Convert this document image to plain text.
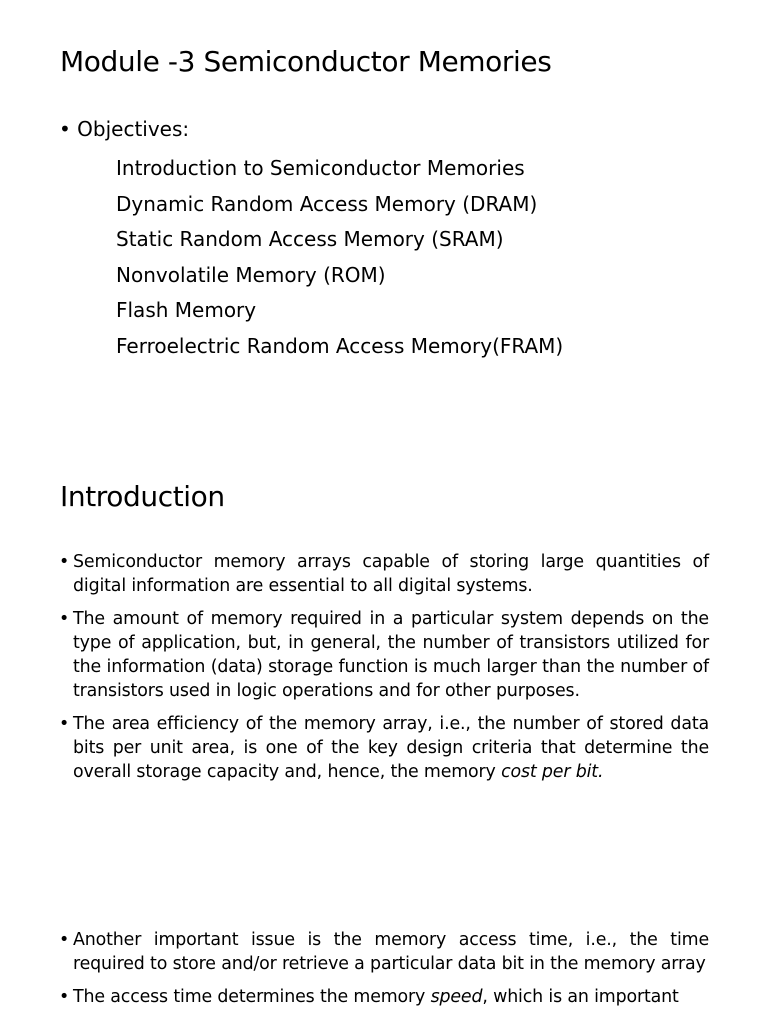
Module -3 Semiconductor Memories
• Objectives:
Introduction to Semiconductor Memories
Dynamic Random Access Memory (DRAM)
Static Random Access Memory (SRAM)
Nonvolatile Memory (ROM)
Flash Memory
Ferroelectric Random Access Memory(FRAM)
Introduction
• Semiconductor memory arrays capable of storing large quantities of digital information are essential to all digital systems.
• The amount of memory required in a particular system depends on the type of application, but, in general, the number of transistors utilized for the information (data) storage function is much larger than the number of transistors used in logic operations and for other purposes.
• The area efficiency of the memory array, i.e., the number of stored data bits per unit area, is one of the key design criteria that determine the overall storage capacity and, hence, the memory cost per bit.
• Another important issue is the memory access time, i.e., the time required to store and/or retrieve a particular data bit in the memory array
• The access time determines the memory speed, which is an important
